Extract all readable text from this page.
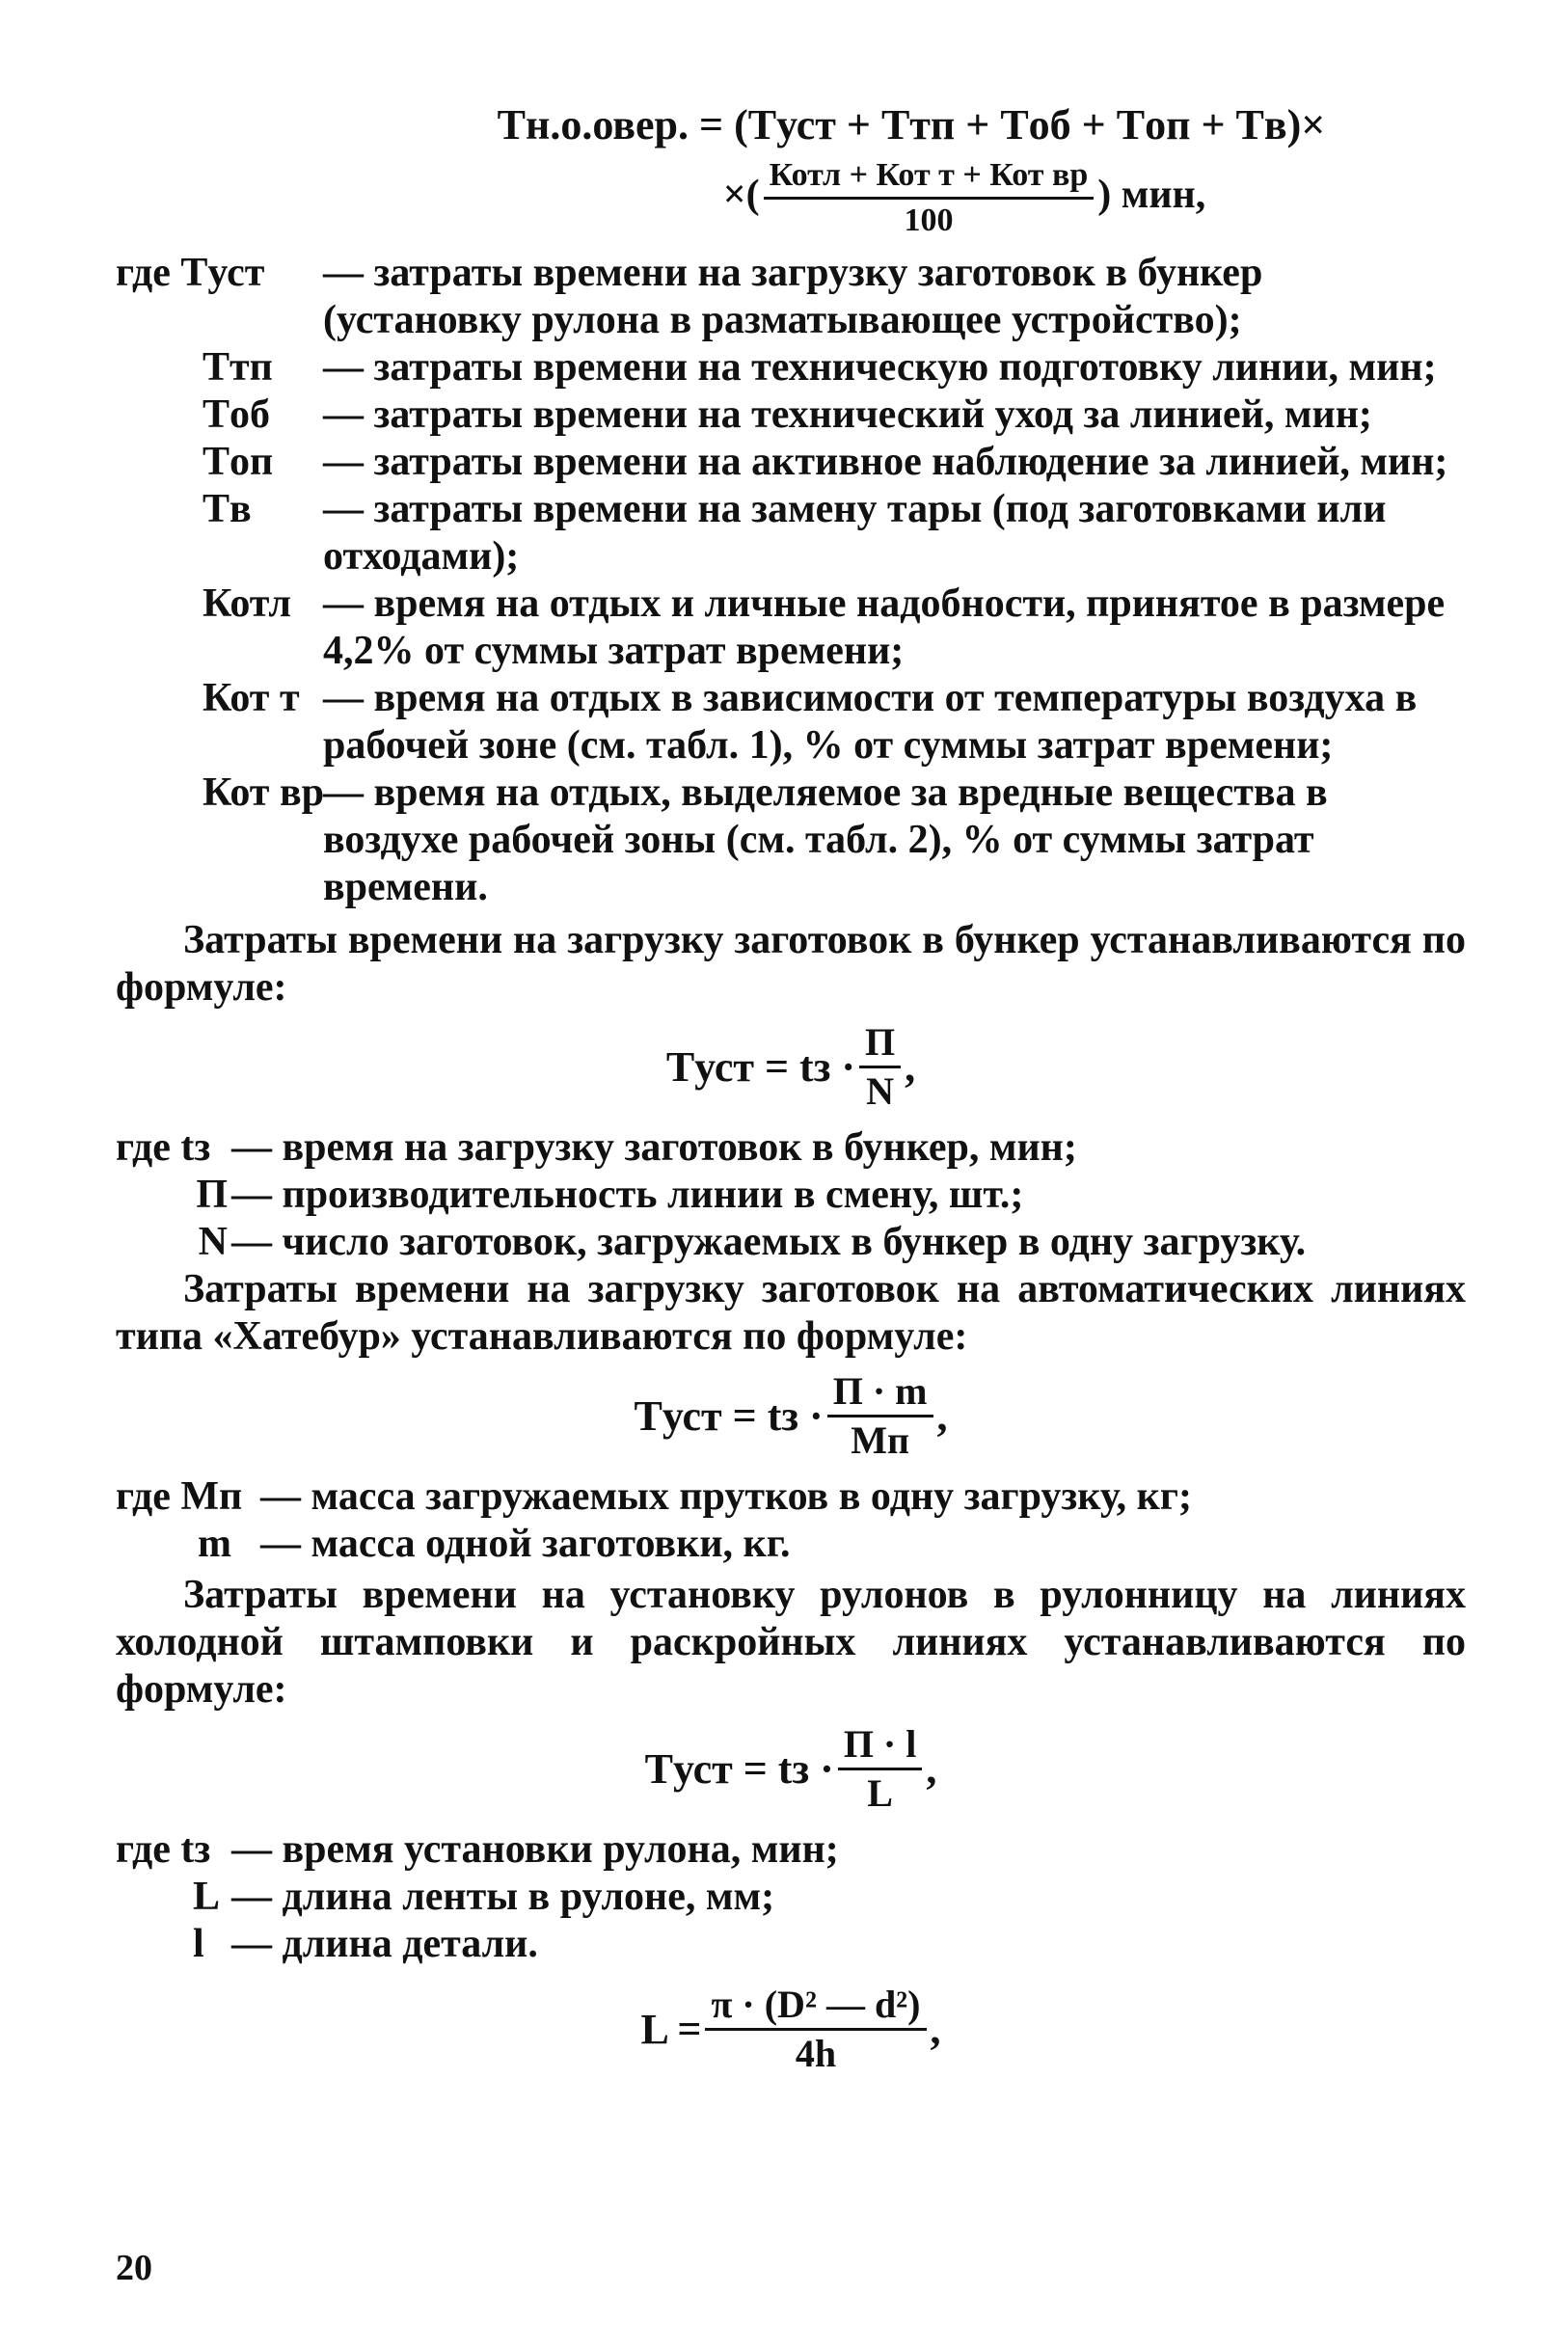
Tн.о.овер. = (Tуст + Tтп + Tоб + Tоп + Tв)×
×( $\frac{\text{Котл + Кот т + Кот вр}}{100}$ ) мин,
где Tуст	— затраты времени на загрузку заготовок в бункер (установку рулона в разматывающее устройство);
Tтп	— затраты времени на техническую подготовку линии, мин;
Tоб	— затраты времени на технический уход за линией, мин;
Tоп	— затраты времени на активное наблюдение за линией, мин;
Tв	— затраты времени на замену тары (под заготовками или отходами);
Котл — время на отдых и личные надобности, принятое в размере 4,2% от суммы затрат времени;
Кот т — время на отдых в зависимости от температуры воздуха в рабочей зоне (см. табл. 1), % от суммы затрат времени;
Кот вр — время на отдых, выделяемое за вредные вещества в воздухе рабочей зоны (см. табл. 2), % от суммы затрат времени.

Затраты времени на загрузку заготовок в бункер устанавливаются по формуле:

Tуст = tз · $\frac{П}{N}$ ,
где tз — время на загрузку заготовок в бункер, мин;
П — производительность линии в смену, шт.;
N — число заготовок, загружаемых в бункер в одну загрузку.

Затраты времени на загрузку заготовок на автоматических линиях типа «Хатебур» устанавливаются по формуле:

Tуст = tз · $\frac{П \cdot m}{Mп}$ ,
где Mп — масса загружаемых прутков в одну загрузку, кг;
m — масса одной заготовки, кг.

Затраты времени на установку рулонов в рулонницу на линиях холодной штамповки и раскройных линиях устанавливаются по формуле:

Tуст = tз · $\frac{П \cdot l}{L}$ ,
где tз — время установки рулона, мин;
L — длина ленты в рулоне, мм;
l — длина детали.
$L = \frac{\text{π · (D² — d²)}}{4h}$ ,
20
